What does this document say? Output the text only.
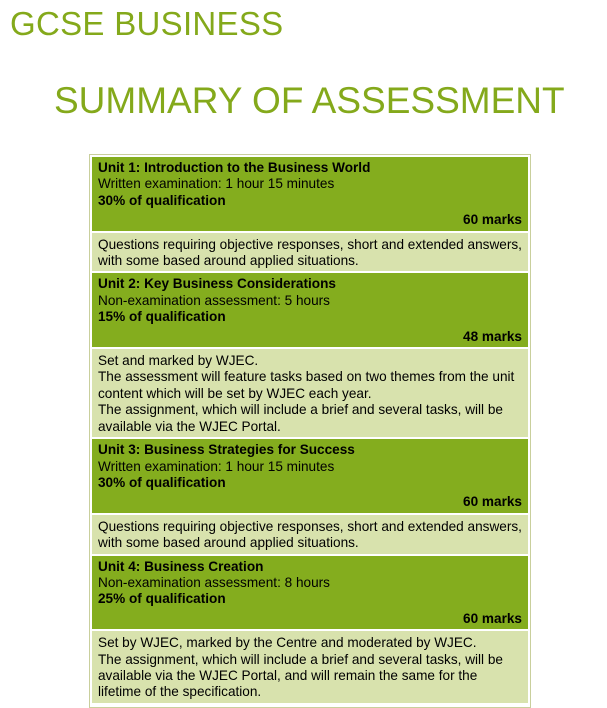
GCSE BUSINESS
SUMMARY OF ASSESSMENT
Unit 1: Introduction to the Business World
Written examination: 1 hour 15 minutes
30% of qualification
60 marks

Questions requiring objective responses, short and extended answers, with some based around applied situations.

Unit 2: Key Business Considerations
Non-examination assessment: 5 hours
15% of qualification
48 marks

Set and marked by WJEC.

The assessment will feature tasks based on two themes from the unit content which will be set by WJEC each year.

The assignment, which will include a brief and several tasks, will be available via the WJEC Portal.

Unit 3: Business Strategies for Success
Written examination: 1 hour 15 minutes
30% of qualification
60 marks

Questions requiring objective responses, short and extended answers, with some based around applied situations.

Unit 4: Business Creation
Non-examination assessment: 8 hours
25% of qualification
60 marks

Set by WJEC, marked by the Centre and moderated by WJEC.

The assignment, which will include a brief and several tasks, will be available via the WJEC Portal, and will remain the same for the lifetime of the specification.
